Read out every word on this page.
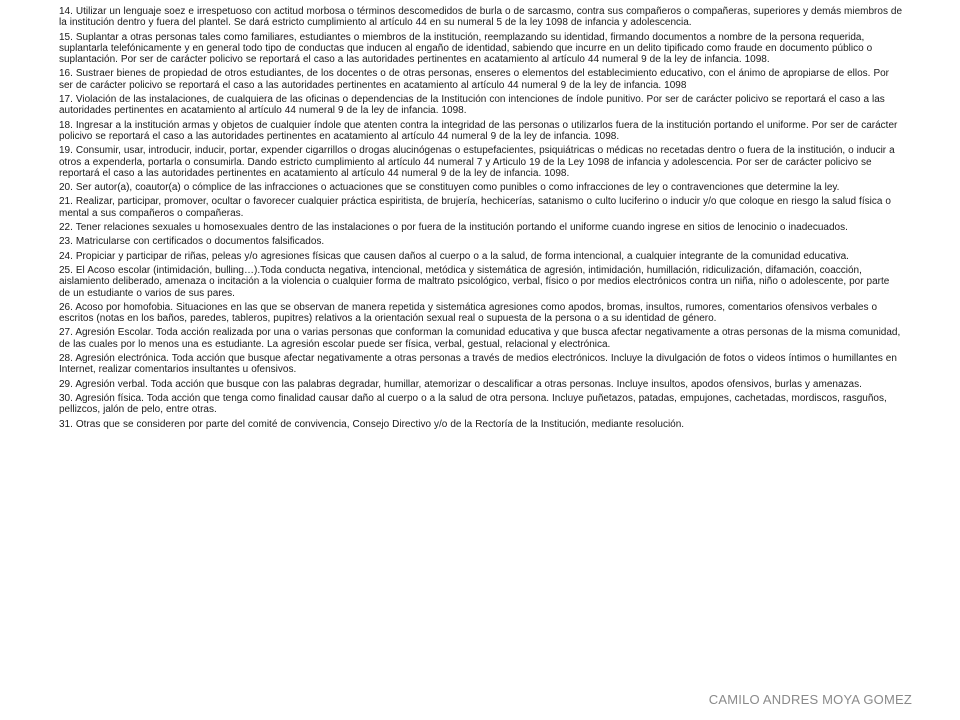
14. Utilizar un lenguaje soez e irrespetuoso con actitud morbosa o términos descomedidos de burla o de sarcasmo, contra sus compañeros o compañeras, superiores y demás miembros de la institución dentro y fuera del plantel. Se dará estricto cumplimiento al artículo 44 en su numeral 5 de la ley 1098 de infancia y adolescencia.
15. Suplantar a otras personas tales como familiares, estudiantes o miembros de la institución, reemplazando su identidad, firmando documentos a nombre de la persona requerida, suplantarla telefónicamente y en general todo tipo de conductas que inducen al engaño de identidad, sabiendo que incurre en un delito tipificado como fraude en documento público o suplantación. Por ser de carácter policivo se reportará el caso a las autoridades pertinentes en acatamiento al artículo 44 numeral 9 de la ley de infancia. 1098.
16. Sustraer bienes de propiedad de otros estudiantes, de los docentes o de otras personas, enseres o elementos del establecimiento educativo, con el ánimo de apropiarse de ellos. Por ser de carácter policivo se reportará el caso a las autoridades pertinentes en acatamiento al artículo 44 numeral 9 de la ley de infancia. 1098
17. Violación de las instalaciones, de cualquiera de las oficinas o dependencias de la Institución con intenciones de índole punitivo. Por ser de carácter policivo se reportará el caso a las autoridades pertinentes en acatamiento al artículo 44 numeral 9 de la ley de infancia. 1098.
18. Ingresar a la institución armas y objetos de cualquier índole que atenten contra la integridad de las personas o utilizarlos fuera de la institución portando el uniforme. Por ser de carácter policivo se reportará el caso a las autoridades pertinentes en acatamiento al artículo 44 numeral 9 de la ley de infancia. 1098.
19. Consumir, usar, introducir, inducir, portar, expender cigarrillos o drogas alucinógenas o estupefacientes, psiquiátricas o médicas no recetadas dentro o fuera de la institución, o inducir a otros a expenderla, portarla o consumirla. Dando estricto cumplimiento al artículo 44 numeral 7 y Articulo 19 de la Ley 1098 de infancia y adolescencia. Por ser de carácter policivo se reportará el caso a las autoridades pertinentes en acatamiento al artículo 44 numeral 9 de la ley de infancia. 1098.
20. Ser autor(a), coautor(a) o cómplice de las infracciones o actuaciones que se constituyen como punibles o como infracciones de ley o contravenciones que determine la ley.
21. Realizar, participar, promover, ocultar o favorecer cualquier práctica espiritista, de brujería, hechicerías, satanismo o culto luciferino o inducir y/o que coloque en riesgo la salud física o mental a sus compañeros o compañeras.
22. Tener relaciones sexuales u homosexuales dentro de las instalaciones o por fuera de la institución portando el uniforme cuando ingrese en sitios de lenocinio o inadecuados.
23. Matricularse con certificados o documentos falsificados.
24. Propiciar y participar de riñas, peleas y/o agresiones físicas que causen daños al cuerpo o a la salud, de forma intencional, a cualquier integrante de la comunidad educativa.
25. El Acoso escolar (intimidación, bulling…).Toda conducta negativa, intencional, metódica y sistemática de agresión, intimidación, humillación, ridiculización, difamación, coacción, aislamiento deliberado, amenaza o incitación a la violencia o cualquier forma de maltrato psicológico, verbal, físico o por medios electrónicos contra un niña, niño o adolescente, por parte de un estudiante o varios de sus pares.
26. Acoso por homofobia. Situaciones en las que se observan de manera repetida y sistemática agresiones como apodos, bromas, insultos, rumores, comentarios ofensivos verbales o escritos (notas en los baños, paredes, tableros, pupitres) relativos a la orientación sexual real o supuesta de la persona o a su identidad de género.
27. Agresión Escolar. Toda acción realizada por una o varias personas que conforman la comunidad educativa y que busca afectar negativamente a otras personas de la misma comunidad, de las cuales por lo menos una es estudiante. La agresión escolar puede ser física, verbal, gestual, relacional y electrónica.
28. Agresión electrónica. Toda acción que busque afectar negativamente a otras personas a través de medios electrónicos. Incluye la divulgación de fotos o videos íntimos o humillantes en Internet, realizar comentarios insultantes u ofensivos.
29. Agresión verbal. Toda acción que busque con las palabras degradar, humillar, atemorizar o descalificar a otras personas. Incluye insultos, apodos ofensivos, burlas y amenazas.
30. Agresión física. Toda acción que tenga como finalidad causar daño al cuerpo o a la salud de otra persona. Incluye puñetazos, patadas, empujones, cachetadas, mordiscos, rasguños, pellizcos, jalón de pelo, entre otras.
31. Otras que se consideren por parte del comité de convivencia, Consejo Directivo y/o de la Rectoría de la Institución, mediante resolución.
CAMILO ANDRES MOYA GOMEZ
